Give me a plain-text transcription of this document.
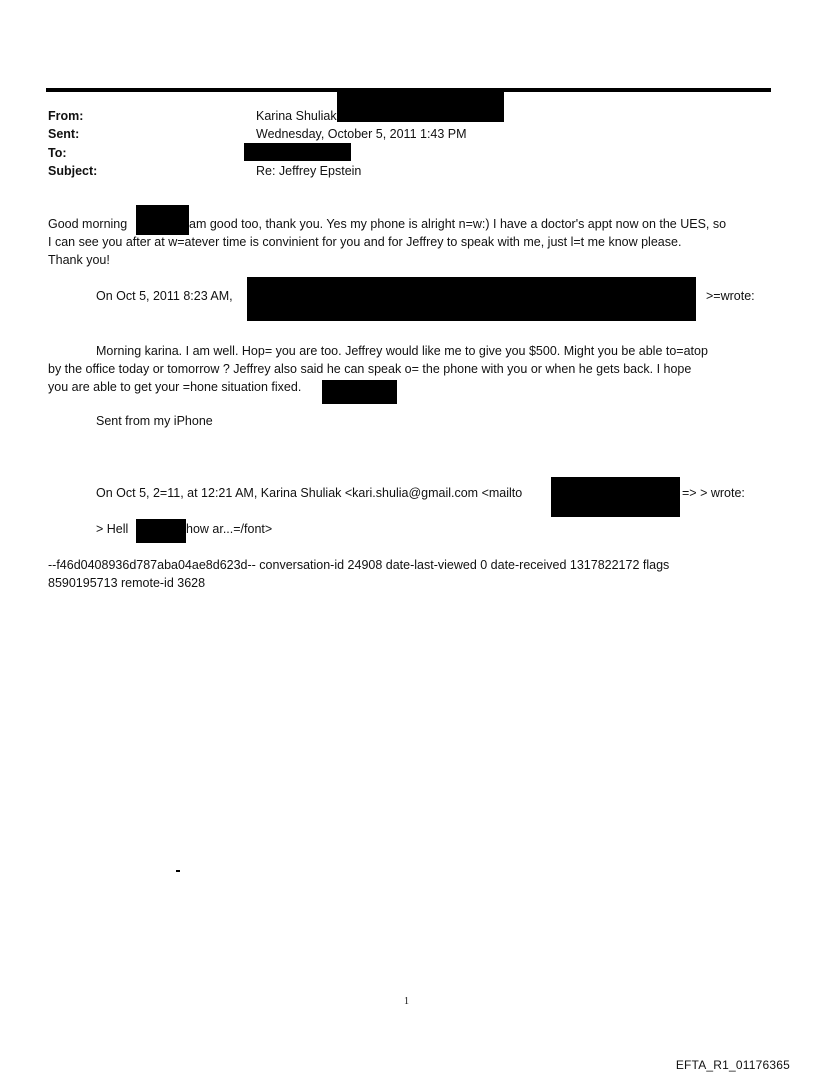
From:	Karina Shuliak
Sent:	Wednesday, October 5, 2011 1:43 PM
To:
Subject:	Re: Jeffrey Epstein
Good morning	am good too, thank you. Yes my phone is alright n=w:) I have a doctor's appt now on the UES, so
I can see you after at w=atever time is convinient for you and for Jeffrey to speak with me, just l=t me know please.
Thank you!
On Oct 5, 2011 8:23 AM,	>=wrote:
Morning karina. I am well. Hop= you are too. Jeffrey would like me to give you $500. Might you be able to=atop
by the office today or tomorrow ? Jeffrey also said he can speak o= the phone with you or when he gets back. I hope
you are able to get your =hone situation fixed.
Sent from my iPhone
On Oct 5, 2=11, at 12:21 AM, Karina Shuliak <kari.shulia@gmail.com <mailto	=> > wrote:
> Hell	how ar...=/font>
--f46d0408936d787aba04ae8d623d-- conversation-id 24908 date-last-viewed 0 date-received 1317822172 flags
8590195713 remote-id 3628
1
EFTA_R1_01176365
